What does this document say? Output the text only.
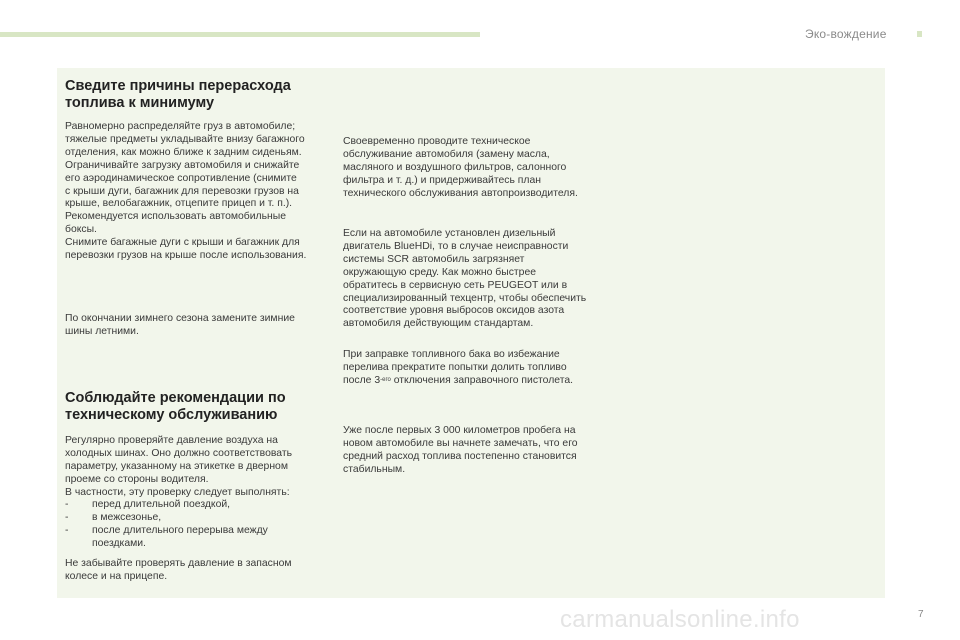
Эко-вождение
Сведите причины перерасхода
топлива к минимуму

Равномерно распределяйте груз в автомобиле;
тяжелые предметы укладывайте внизу багажного
отделения, как можно ближе к задним сиденьям.
Ограничивайте загрузку автомобиля и снижайте
его аэродинамическое сопротивление (снимите
с крыши дуги, багажник для перевозки грузов на
крыше, велобагажник, отцепите прицеп и т. п.).
Рекомендуется использовать автомобильные
боксы.
Снимите багажные дуги с крыши и багажник для
перевозки грузов на крыше после использования.

По окончании зимнего сезона замените зимние
шины летними.

Соблюдайте рекомендации по
техническому обслуживанию

Регулярно проверяйте давление воздуха на
холодных шинах. Оно должно соответствовать
параметру, указанному на этикетке в дверном
проеме со стороны водителя.
В частности, эту проверку следует выполнять:

- перед длительной поездкой,
- в межсезонье,
- после длительного перерыва между
поездками.

Не забывайте проверять давление в запасном
колесе и на прицепе.

Своевременно проводите техническое
обслуживание автомобиля (замену масла,
масляного и воздушного фильтров, салонного
фильтра и т. д.) и придерживайтесь план
технического обслуживания автопроизводителя.

Если на автомобиле установлен дизельный
двигатель BlueHDi, то в случае неисправности
системы SCR автомобиль загрязняет
окружающую среду. Как можно быстрее
обратитесь в сервисную сеть PEUGEOT или в
специализированный техцентр, чтобы обеспечить
соответствие уровня выбросов оксидов азота
автомобиля действующим стандартам.

При заправке топливного бака во избежание
перелива прекратите попытки долить топливо
после $3^{-его}$ отключения заправочного пистолета.

Уже после первых 3 000 километров пробега на
новом автомобиле вы начнете замечать, что его
средний расход топлива постепенно становится
стабильным.

carmanualsonline.info	7
